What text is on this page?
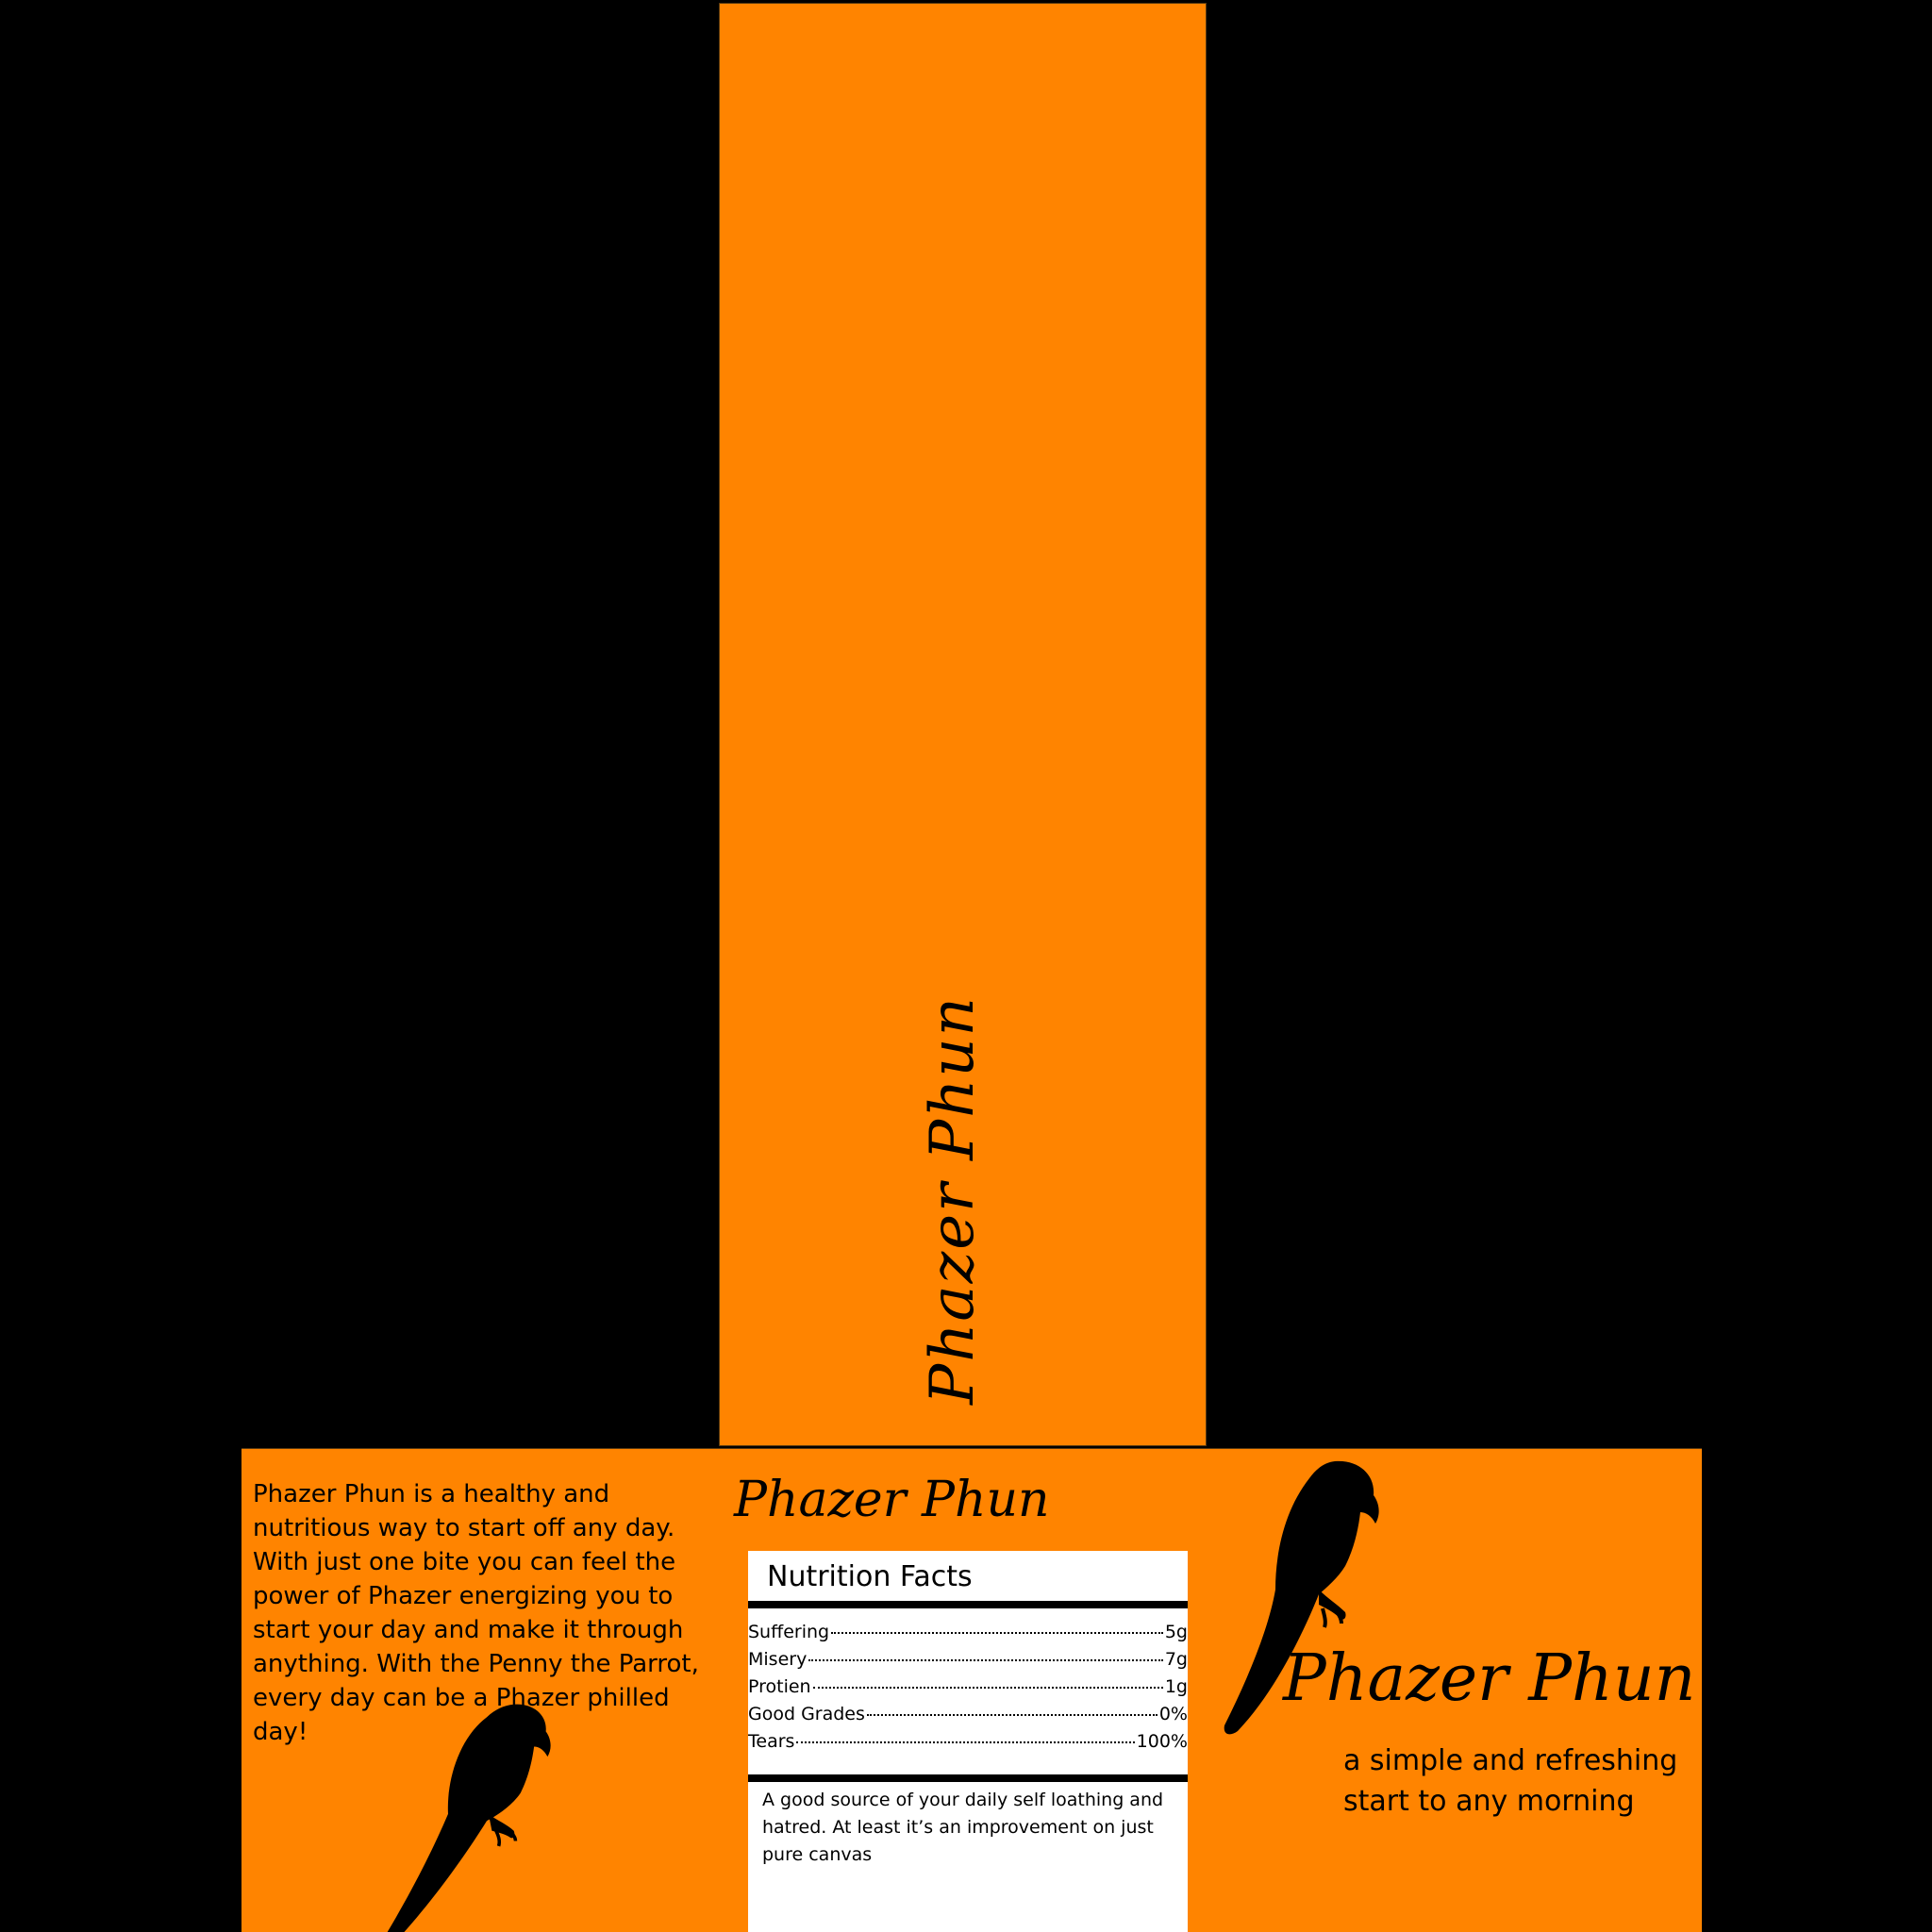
Phazer Phun
Phazer Phun is a healthy and nutritious way to start off any day. With just one bite you can feel the power of Phazer energizing you to start your day and make it through anything. With the Penny the Parrot, every day can be a Phazer philled day!
Phazer Phun
Nutrition Facts
Suffering	5g
Misery	7g
Protien	1g
Good Grades	0%
Tears	100%
A good source of your daily self loathing and hatred. At least it’s an improvement on just pure canvas
Phazer Phun
a simple and refreshing
start to any morning
